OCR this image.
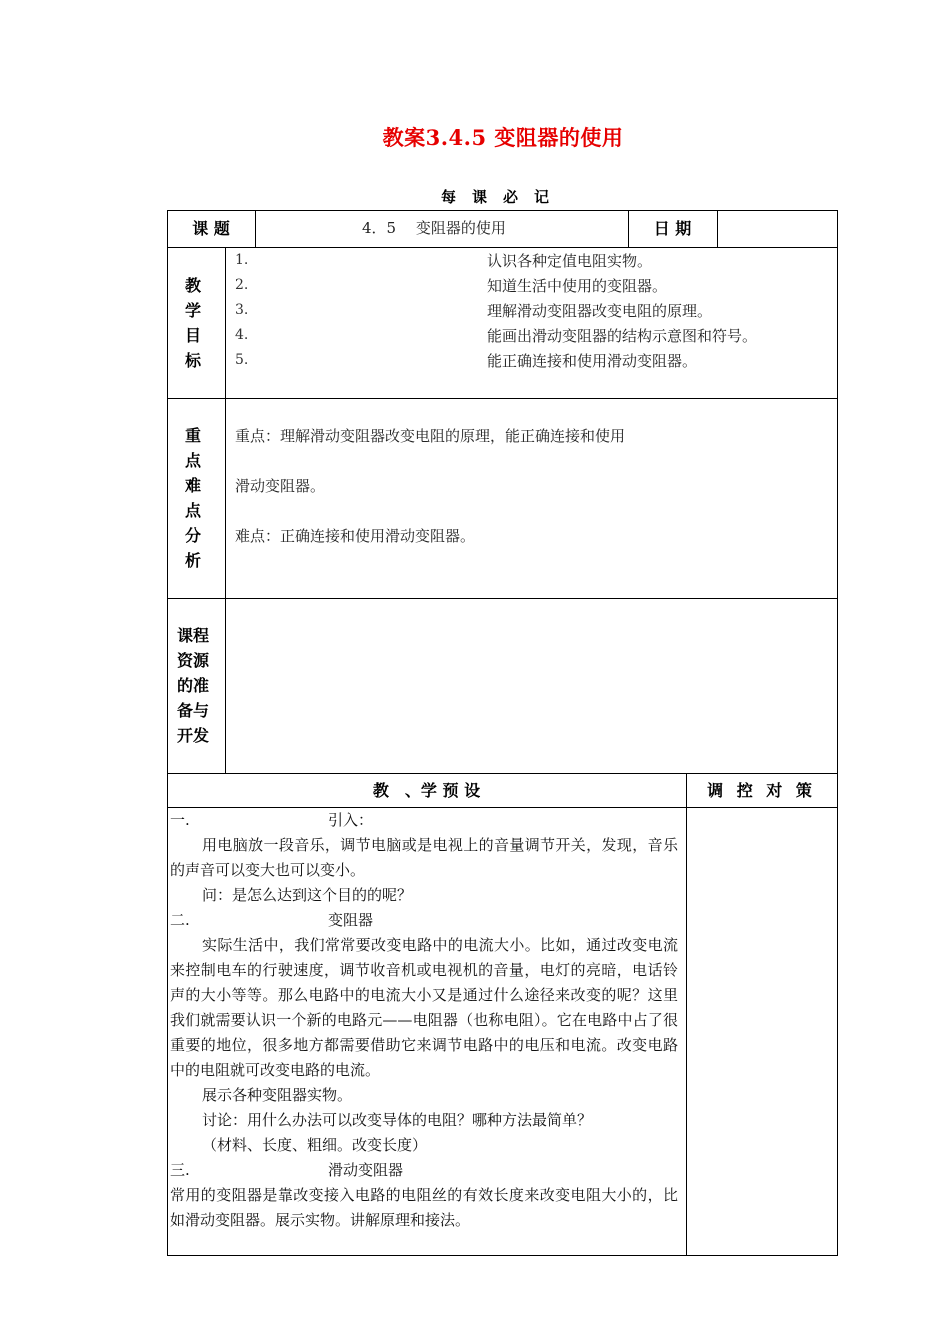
教案3.4.5 变阻器的使用
每课必记
课 题	4．5　 变阻器的使用	日 期
教
学
目
标

1.	认识各种定值电阻实物。
2.	知道生活中使用的变阻器。
3.	理解滑动变阻器改变电阻的原理。
4.	能画出滑动变阻器的结构示意图和符号。
5.	能正确连接和使用滑动变阻器。
重
点
难
点
分
析

重点：理解滑动变阻器改变电阻的原理，能正确连接和使用
滑动变阻器。
难点：正确连接和使用滑动变阻器。
课程
资源
的准
备与
开发

教　、学 预 设	调 控 对 策

一.	引入：

用电脑放一段音乐，调节电脑或是电视上的音量调节开关，发现，音乐的声音可以变大也可以变小。

问：是怎么达到这个目的的呢？

二.	变阻器

实际生活中，我们常常要改变电路中的电流大小。比如，通过改变电流来控制电车的行驶速度，调节收音机或电视机的音量，电灯的亮暗，电话铃声的大小等等。那么电路中的电流大小又是通过什么途径来改变的呢？这里我们就需要认识一个新的电路元——电阻器（也称电阻）。它在电路中占了很重要的地位，很多地方都需要借助它来调节电路中的电压和电流。改变电路中的电阻就可改变电路的电流。

展示各种变阻器实物。

讨论：用什么办法可以改变导体的电阻？哪种方法最简单？

（材料、长度、粗细。改变长度）

三.	滑动变阻器

常用的变阻器是靠改变接入电路的电阻丝的有效长度来改变电阻大小的，比如滑动变阻器。展示实物。讲解原理和接法。
